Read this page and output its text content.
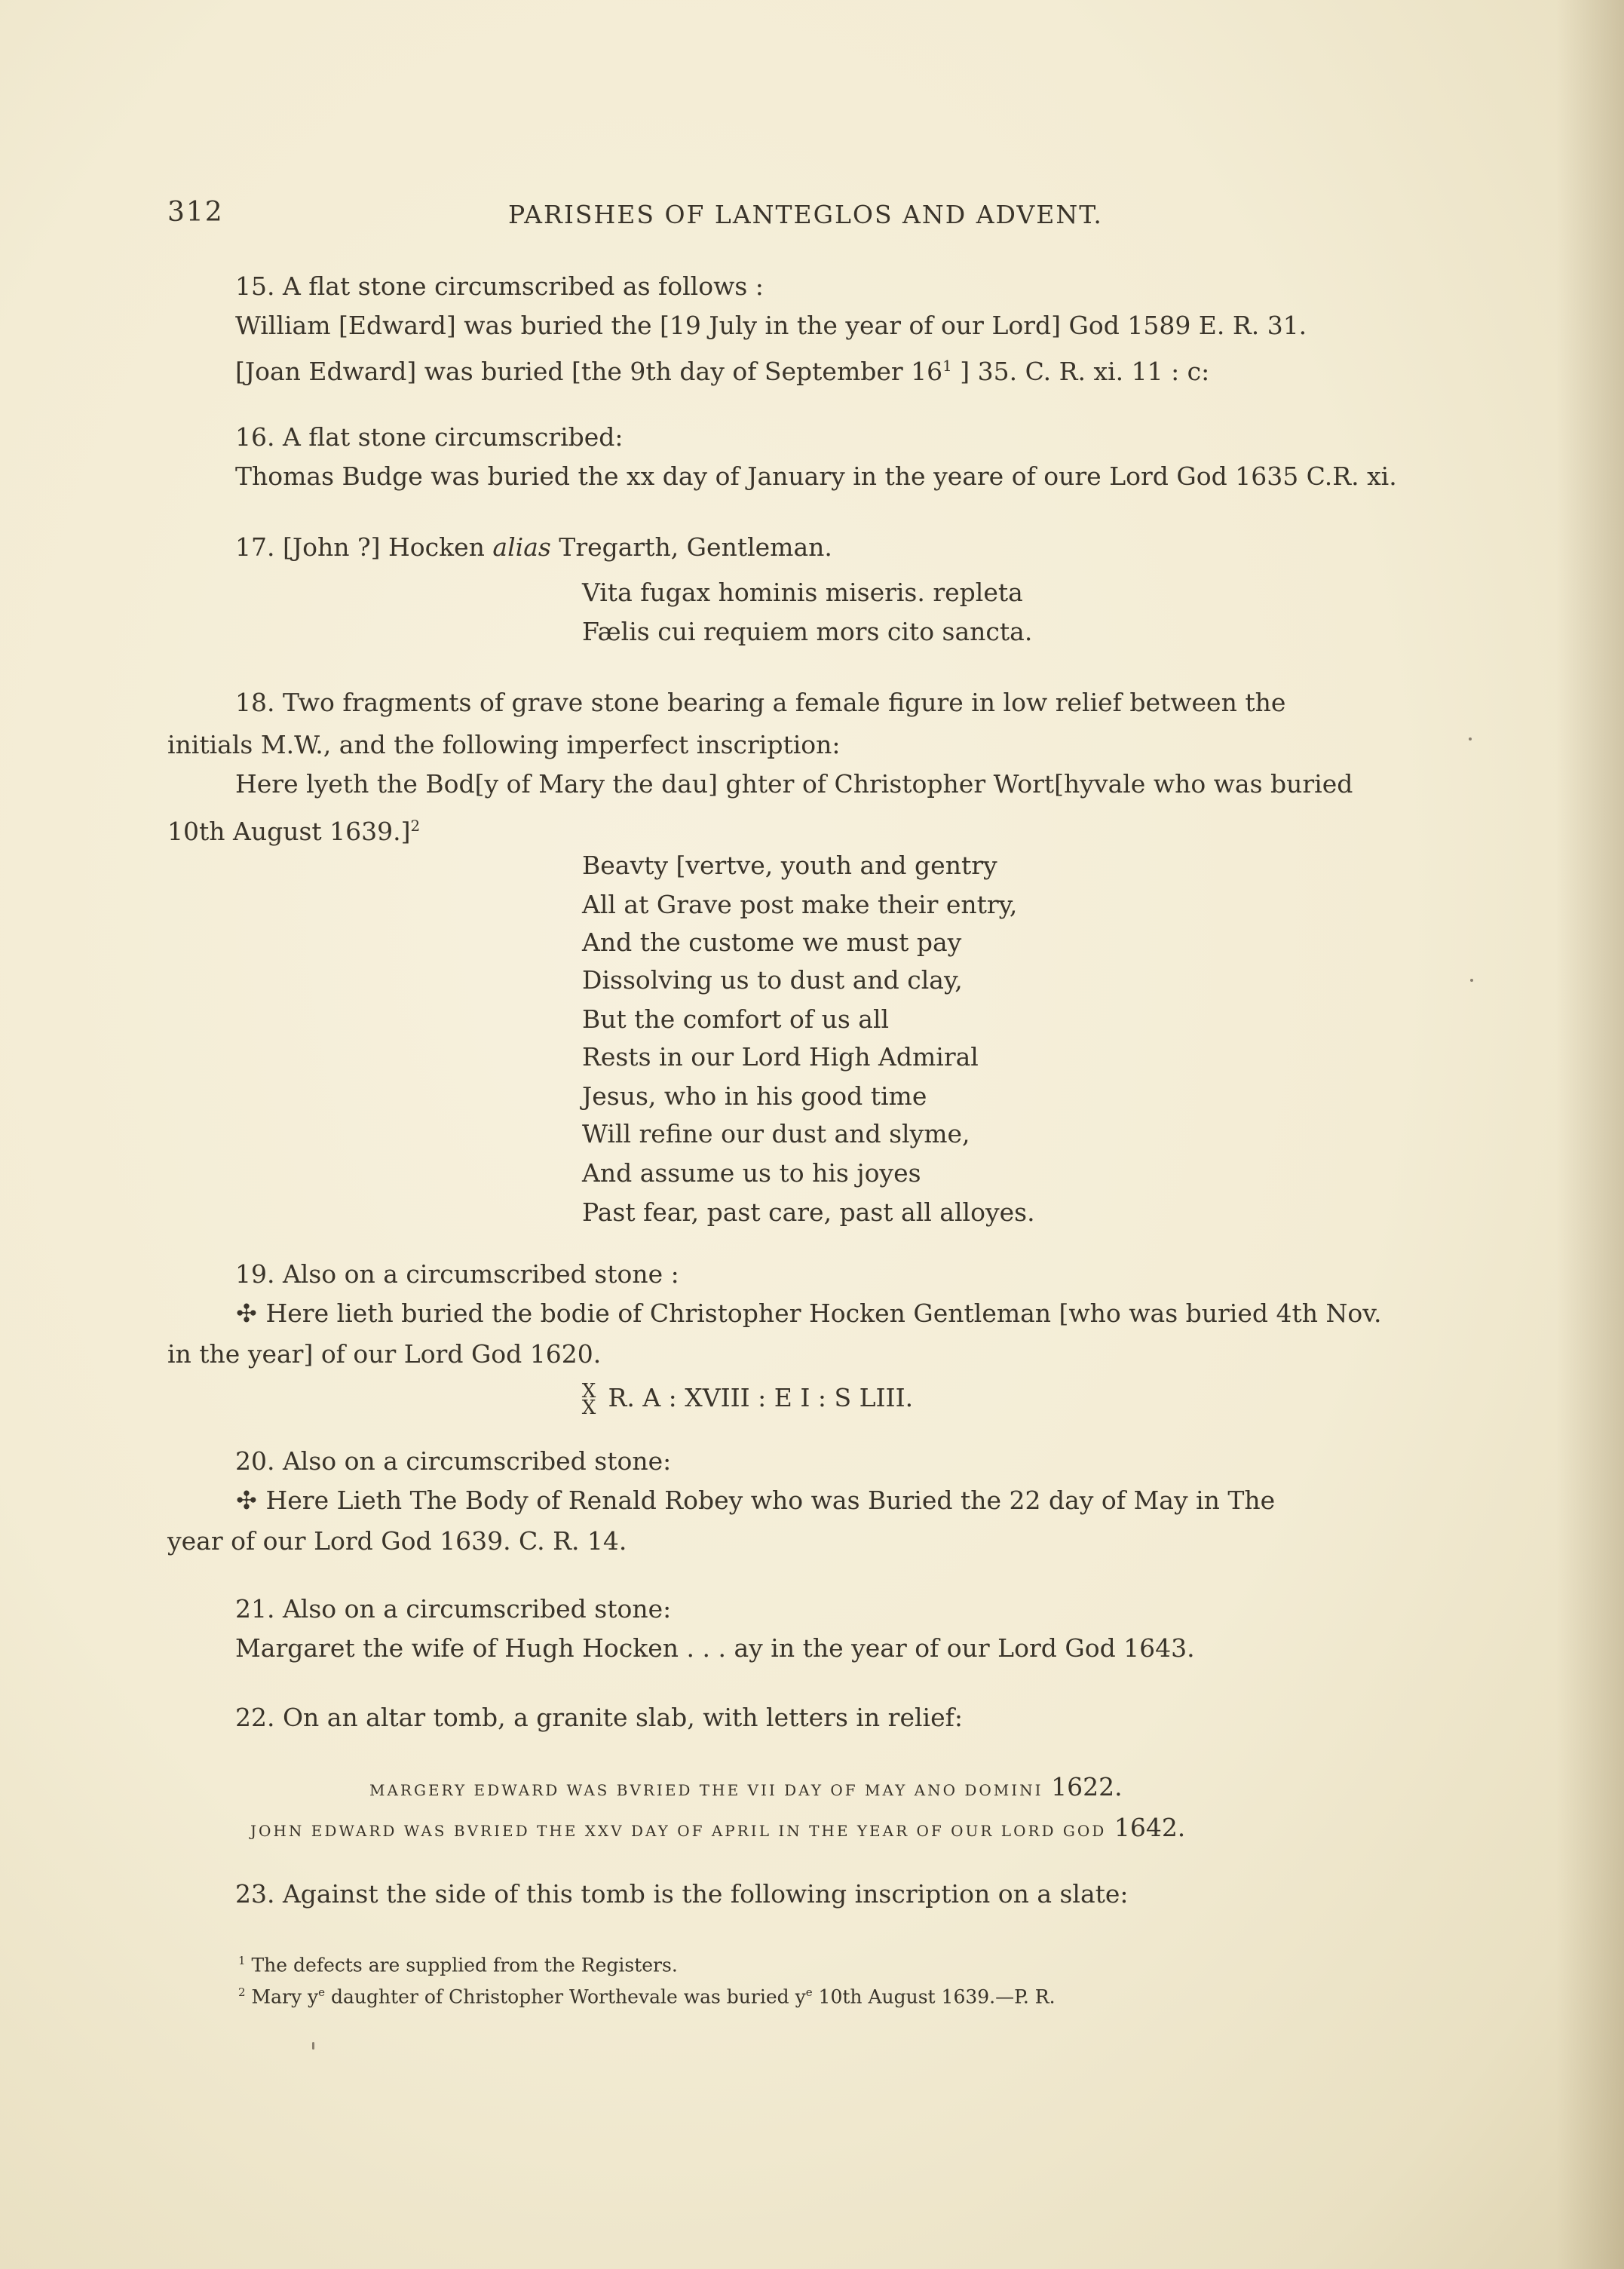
312	PARISHES OF LANTEGLOS AND ADVENT.
15. A flat stone circumscribed as follows :
William [Edward] was buried the [19 July in the year of our Lord] God 1589 E. R. 31.
[Joan Edward] was buried [the 9th day of September $16^1$ ] 35. C. R. xi. 11 : c:
16. A flat stone circumscribed:
Thomas Budge was buried the xx day of January in the yeare of oure Lord God 1635 C.R. xi.
17. [John ?] Hocken alias Tregarth, Gentleman.
Vita fugax hominis miseris. repleta
Fælis cui requiem mors cito sancta.
18. Two fragments of grave stone bearing a female figure in low relief between the
initials M.W., and the following imperfect inscription:
Here lyeth the Bod[y of Mary the dau] ghter of Christopher Wort[hyvale who was buried
10th August 1639.]$^2$
Beavty [vertve, youth and gentry
All at Grave post make their entry,
And the custome we must pay
Dissolving us to dust and clay,
But the comfort of us all
Rests in our Lord High Admiral
Jesus, who in his good time
Will refine our dust and slyme,
And assume us to his joyes
Past fear, past care, past all alloyes.
19. Also on a circumscribed stone :
✣ Here lieth buried the bodie of Christopher Hocken Gentleman [who was buried 4th Nov.
in the year] of our Lord God 1620.
X
X R. A : XVIII : E I : S LIII.
20. Also on a circumscribed stone:
✣ Here Lieth The Body of Renald Robey who was Buried the 22 day of May in The
year of our Lord God 1639. C. R. 14.
21. Also on a circumscribed stone:
Margaret the wife of Hugh Hocken . . . ay in the year of our Lord God 1643.
22. On an altar tomb, a granite slab, with letters in relief:
MARGERY EDWARD WAS BVRIED THE VII DAY OF MAY ANO DOMINI 1622.
JOHN EDWARD WAS BVRIED THE XXV DAY OF APRIL IN THE YEAR OF OUR LORD GOD 1642.
23. Against the side of this tomb is the following inscription on a slate:
$^1$ The defects are supplied from the Registers.
$^2$ Mary $y^e$ daughter of Christopher Worthevale was buried $y^e$ 10th August 1639.—P. R.
